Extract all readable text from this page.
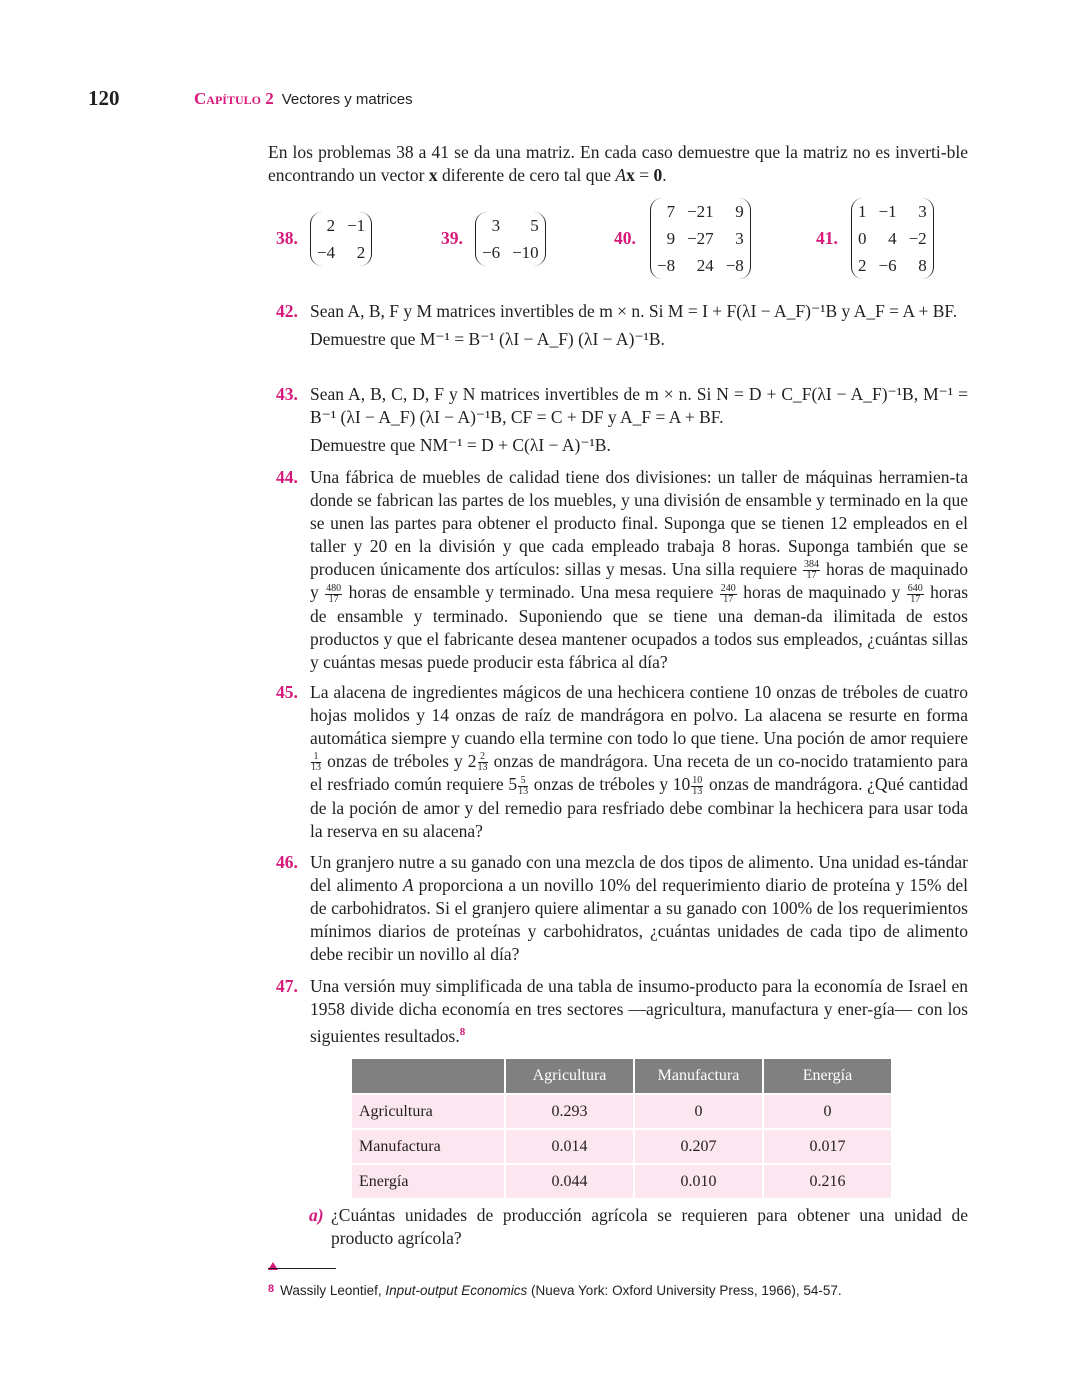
120	Capítulo 2 Vectores y matrices
En los problemas 38 a 41 se da una matriz. En cada caso demuestre que la matriz no es inverti-ble encontrando un vector x diferente de cero tal que Ax = 0.
38.
2	−1
−4	2
39.
3	5
−6	−10
40.
7	−21	9
9	−27	3
−8	24	−8
41.
1	−1	3
0	4	−2
2	−6	8
42. Sean A, B, F y M matrices invertibles de m × n. Si M = I + F(λI − A_F)⁻¹B y A_F = A + BF.

Demuestre que M⁻¹ = B⁻¹ (λI − A_F) (λI − A)⁻¹B.

43. Sean A, B, C, D, F y N matrices invertibles de m × n. Si N = D + C_F(λI − A_F)⁻¹B, M⁻¹ = B⁻¹ (λI − A_F) (λI − A)⁻¹B, CF = C + DF y A_F = A + BF.

Demuestre que NM⁻¹ = D + C(λI − A)⁻¹B.

44. Una fábrica de muebles de calidad tiene dos divisiones: un taller de máquinas herramien-ta donde se fabrican las partes de los muebles, y una división de ensamble y terminado en la que se unen las partes para obtener el producto final. Suponga que se tienen 12 empleados en el taller y 20 en la división y que cada empleado trabaja 8 horas. Suponga también que se producen únicamente dos artículos: sillas y mesas. Una silla requiere $\frac{384}{17}$ horas de maquinado y $\frac{480}{17}$ horas de ensamble y terminado. Una mesa requiere $\frac{240}{17}$ horas de maquinado y $\frac{640}{17}$ horas de ensamble y terminado. Suponiendo que se tiene una deman-da ilimitada de estos productos y que el fabricante desea mantener ocupados a todos sus empleados, ¿cuántas sillas y cuántas mesas puede producir esta fábrica al día?
45. La alacena de ingredientes mágicos de una hechicera contiene 10 onzas de tréboles de cuatro hojas molidos y 14 onzas de raíz de mandrágora en polvo. La alacena se resurte en forma automática siempre y cuando ella termine con todo lo que tiene. Una poción de amor requiere
$\frac{1}{13}$ onzas de tréboles y $2 \frac{2}{13}$ onzas de mandrágora. Una receta de un co-nocido tratamiento para el resfriado común requiere $5 \frac{5}{13}$ onzas de tréboles y $10 \frac{10}{13}$ onzas de mandrágora. ¿Qué cantidad de la poción de amor y del remedio para resfriado debe combinar la hechicera para usar toda la reserva en su alacena?
46. Un granjero nutre a su ganado con una mezcla de dos tipos de alimento. Una unidad es-tándar del alimento A proporciona a un novillo 10% del requerimiento diario de proteína y 15% del de carbohidratos. Si el granjero quiere alimentar a su ganado con 100% de los requerimientos mínimos diarios de proteínas y carbohidratos, ¿cuántas unidades de cada tipo de alimento debe recibir un novillo al día?
47. Una versión muy simplificada de una tabla de insumo-producto para la economía de Israel en 1958 divide dicha economía en tres sectores —agricultura, manufactura y ener-gía— con los siguientes resultados.$^8$
	Agricultura	Manufactura	Energía
Agricultura	0.293	0	0
Manufactura	0.014	0.207	0.017
Energía	0.044	0.010	0.216
a) ¿Cuántas unidades de producción agrícola se requieren para obtener una unidad de producto agrícola?
$^8$ Wassily Leontief, Input-output Economics (Nueva York: Oxford University Press, 1966), 54-57.
